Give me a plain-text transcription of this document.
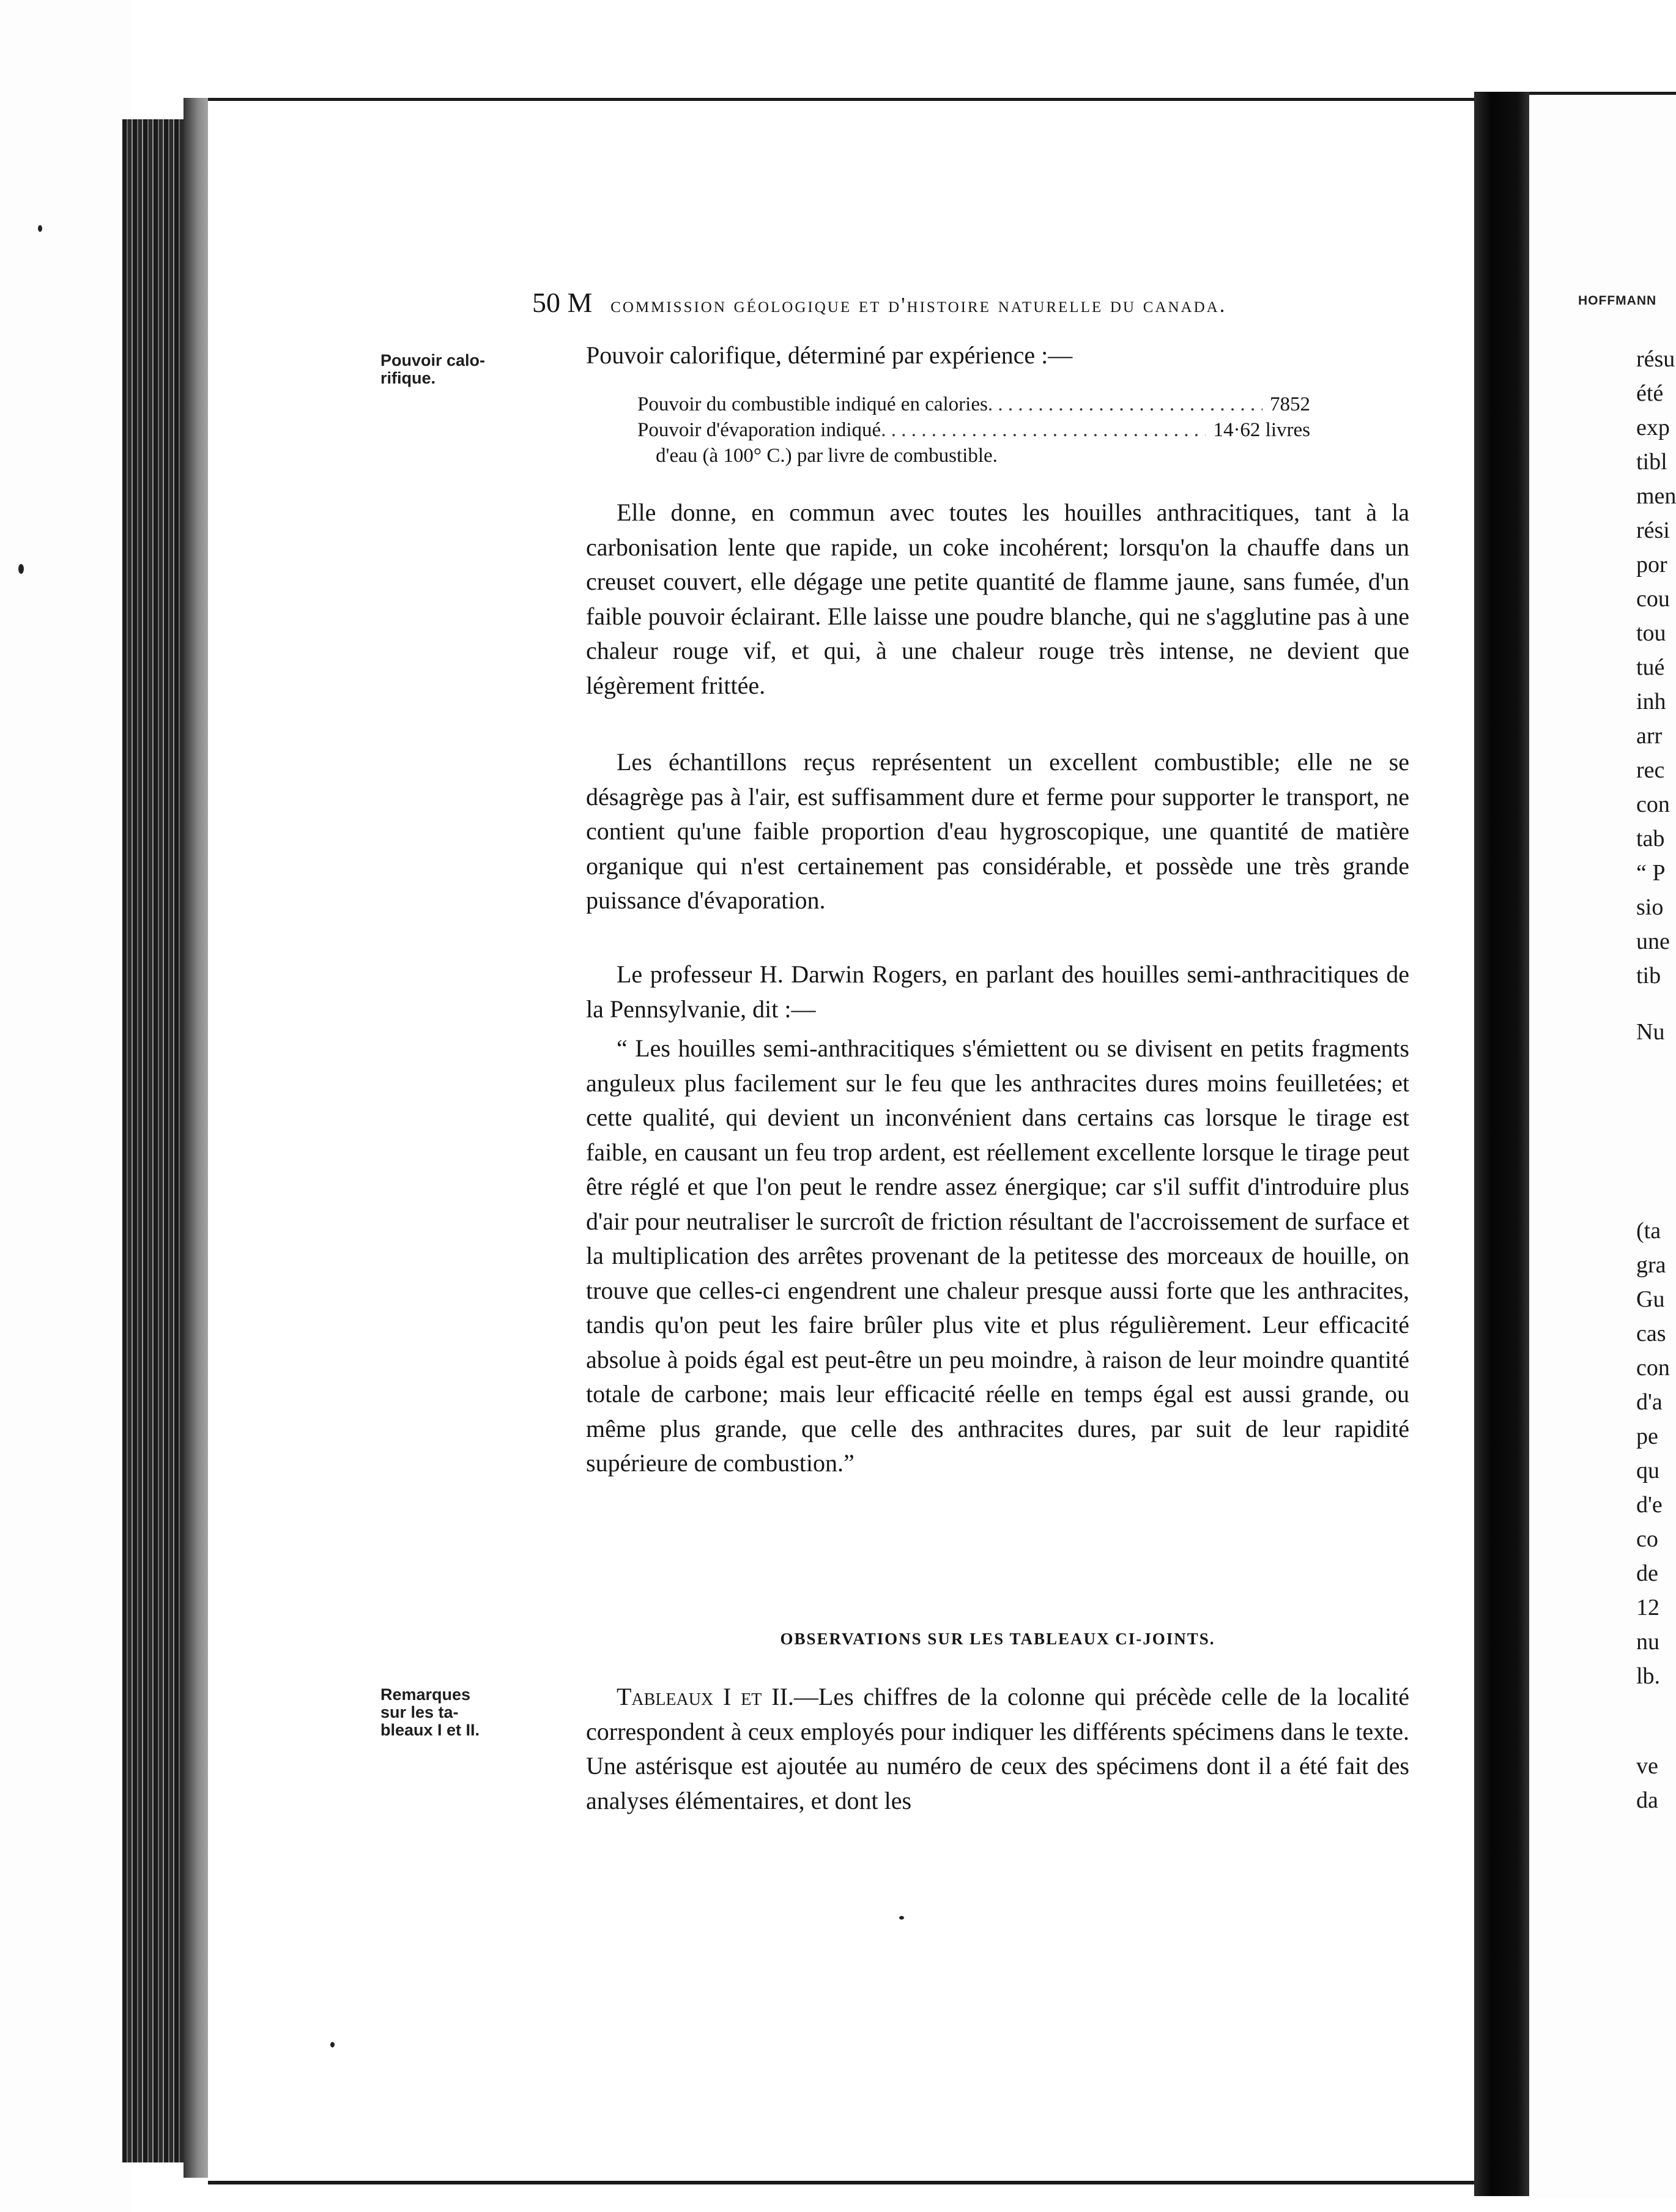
50 M commission géologique et d'histoire naturelle du canada.
Pouvoir calo-
rifique.
Remarques
sur les ta-
bleaux I et II.
Pouvoir calorifique, déterminé par expérience :—
Pouvoir du combustible indiqué en calories . . .	7852
Pouvoir d'évaporation indiqué . . .	14·62 livres
d'eau (à 100° C.) par livre de combustible.
Elle donne, en commun avec toutes les houilles anthracitiques, tant à la carbonisation lente que rapide, un coke incohérent; lorsqu'on la chauffe dans un creuset couvert, elle dégage une petite quantité de flamme jaune, sans fumée, d'un faible pouvoir éclairant. Elle laisse une poudre blanche, qui ne s'agglutine pas à une chaleur rouge vif, et qui, à une chaleur rouge très intense, ne devient que légèrement frittée.
Les échantillons reçus représentent un excellent combustible; elle ne se désagrège pas à l'air, est suffisamment dure et ferme pour supporter le transport, ne contient qu'une faible proportion d'eau hygroscopique, une quantité de matière organique qui n'est certainement pas considérable, et possède une très grande puissance d'évaporation.
Le professeur H. Darwin Rogers, en parlant des houilles semi-anthracitiques de la Pennsylvanie, dit :—
“ Les houilles semi-anthracitiques s'émiettent ou se divisent en petits fragments anguleux plus facilement sur le feu que les anthracites dures moins feuilletées; et cette qualité, qui devient un inconvénient dans certains cas lorsque le tirage est faible, en causant un feu trop ardent, est réellement excellente lorsque le tirage peut être réglé et que l'on peut le rendre assez énergique; car s'il suffit d'introduire plus d'air pour neutraliser le surcroît de friction résultant de l'accroissement de surface et la multiplication des arrêtes provenant de la petitesse des morceaux de houille, on trouve que celles-ci engendrent une chaleur presque aussi forte que les anthracites, tandis qu'on peut les faire brûler plus vite et plus régulièrement. Leur efficacité absolue à poids égal est peut-être un peu moindre, à raison de leur moindre quantité totale de carbone; mais leur efficacité réelle en temps égal est aussi grande, ou même plus grande, que celle des anthracites dures, par suit de leur rapidité supérieure de combustion.”
OBSERVATIONS SUR LES TABLEAUX CI-JOINTS.
Tableaux I et II.—Les chiffres de la colonne qui précède celle de la localité correspondent à ceux employés pour indiquer les différents spécimens dans le texte. Une astérisque est ajoutée au numéro de ceux des spécimens dont il a été fait des analyses élémentaires, et dont les
HOFFMANN
résu
été
exp
tibl
men
rési
por
cou
tou
tué
inh
arr
rec
con
tab
“ P
sio
une
tib
Nu
(ta
gra
Gu
cas
con
d'a
pe
qu
d'e
co
de
12
nu
lb.
ve
da
